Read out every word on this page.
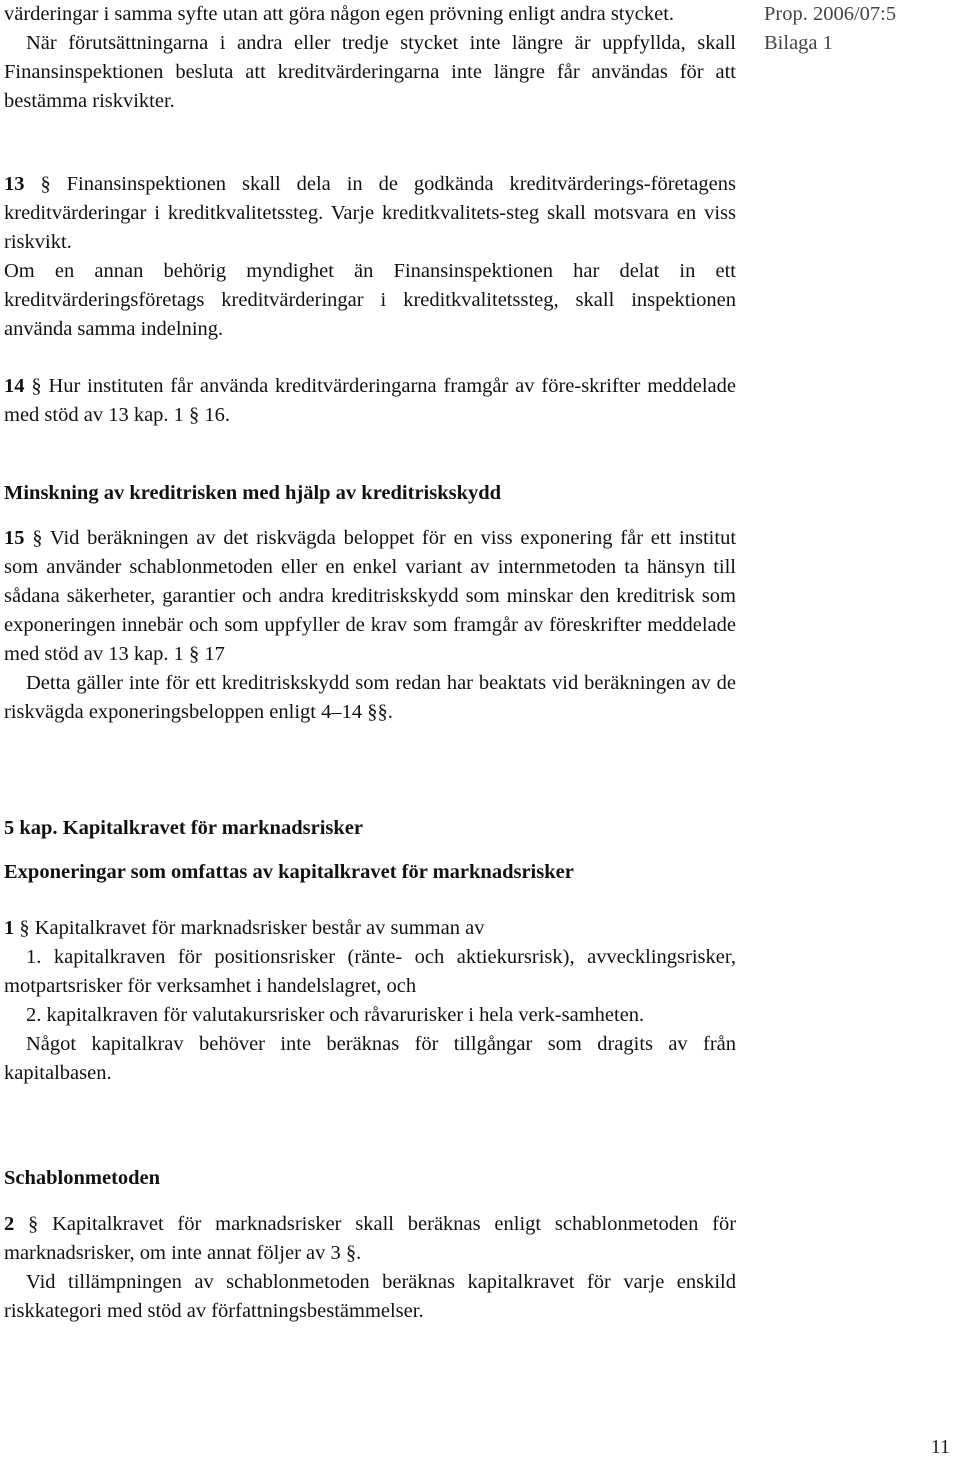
Prop. 2006/07:5
Bilaga 1

värderingar i samma syfte utan att göra någon egen prövning enligt andra stycket.

När förutsättningarna i andra eller tredje stycket inte längre är uppfyllda, skall Finansinspektionen besluta att kreditvärderingarna inte längre får användas för att bestämma riskvikter.

13 § Finansinspektionen skall dela in de godkända kreditvärderings-företagens kreditvärderingar i kreditkvalitetssteg. Varje kreditkvalitets-steg skall motsvara en viss riskvikt.

Om en annan behörig myndighet än Finansinspektionen har delat in ett kreditvärderingsföretags kreditvärderingar i kreditkvalitetssteg, skall inspektionen använda samma indelning.

14 § Hur instituten får använda kreditvärderingarna framgår av före-skrifter meddelade med stöd av 13 kap. 1 § 16.

Minskning av kreditrisken med hjälp av kreditriskskydd

15 § Vid beräkningen av det riskvägda beloppet för en viss exponering får ett institut som använder schablonmetoden eller en enkel variant av internmetoden ta hänsyn till sådana säkerheter, garantier och andra kreditriskskydd som minskar den kreditrisk som exponeringen innebär och som uppfyller de krav som framgår av föreskrifter meddelade med stöd av 13 kap. 1 § 17

Detta gäller inte för ett kreditriskskydd som redan har beaktats vid beräkningen av de riskvägda exponeringsbeloppen enligt 4–14 §§.

5 kap. Kapitalkravet för marknadsrisker
Exponeringar som omfattas av kapitalkravet för marknadsrisker

1 § Kapitalkravet för marknadsrisker består av summan av

1. kapitalkraven för positionsrisker (ränte- och aktiekursrisk), avvecklingsrisker, motpartsrisker för verksamhet i handelslagret, och

2. kapitalkraven för valutakursrisker och råvarurisker i hela verk-samheten.

Något kapitalkrav behöver inte beräknas för tillgångar som dragits av från kapitalbasen.

Schablonmetoden

2 § Kapitalkravet för marknadsrisker skall beräknas enligt schablonmetoden för marknadsrisker, om inte annat följer av 3 §.

Vid tillämpningen av schablonmetoden beräknas kapitalkravet för varje enskild riskkategori med stöd av författningsbestämmelser.

11
